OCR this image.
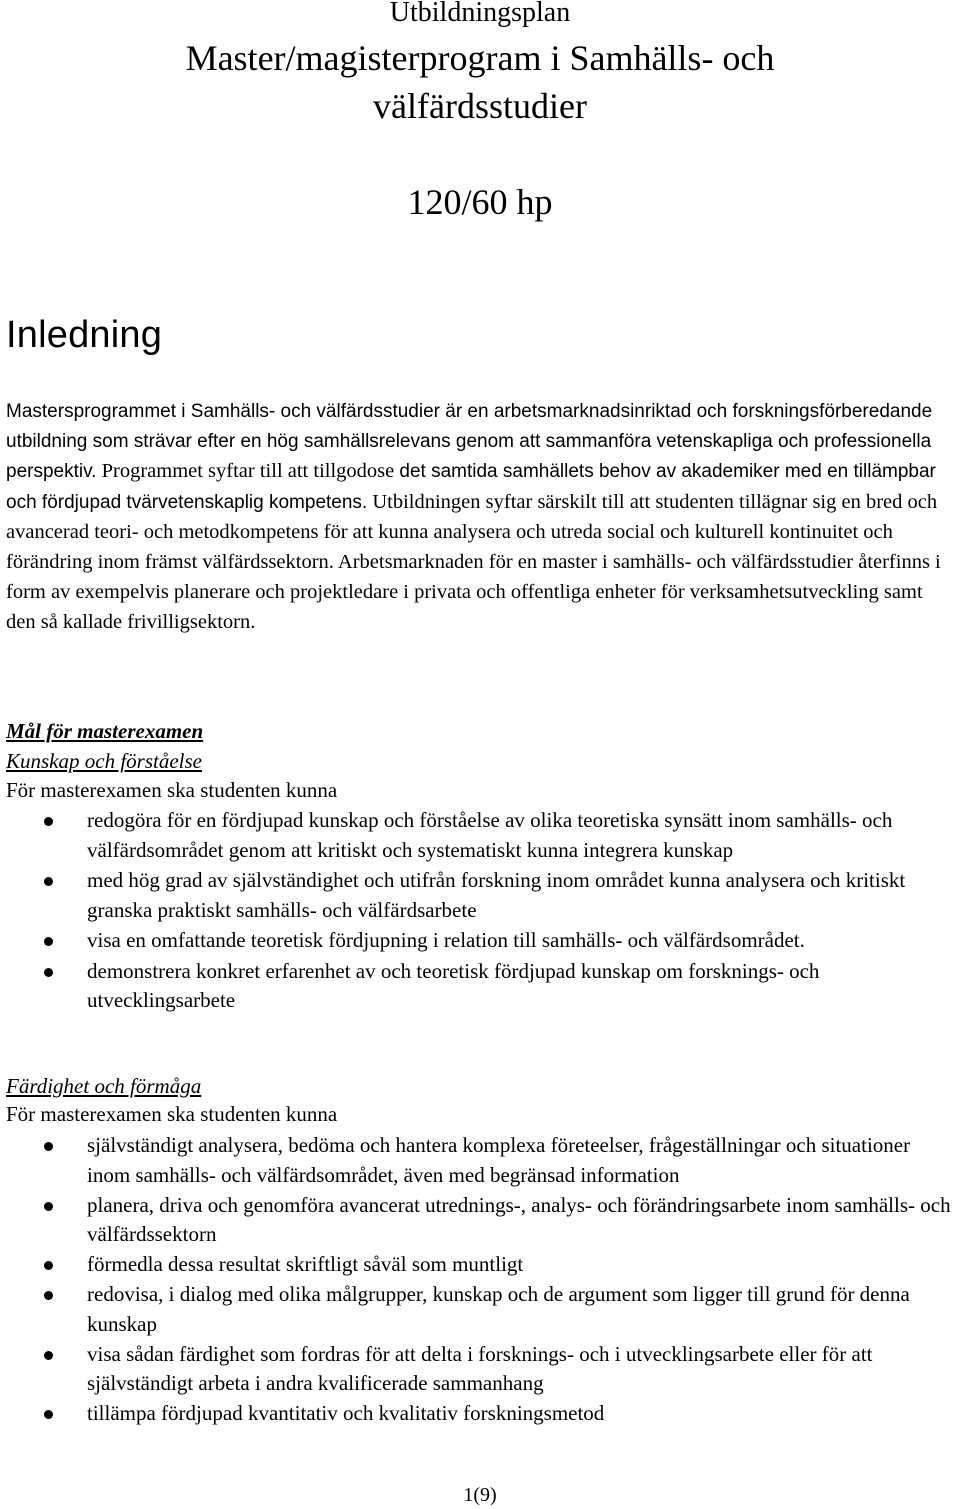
Utbildningsplan
Master/magisterprogram i Samhälls- och
välfärdsstudier
120/60 hp
Inledning

Mastersprogrammet i Samhälls- och välfärdsstudier är en arbetsmarknadsinriktad och forskningsförberedande utbildning som strävar efter en hög samhällsrelevans genom att sammanföra vetenskapliga och professionella perspektiv. Programmet syftar till att tillgodose det samtida samhällets behov av akademiker med en tillämpbar och fördjupad tvärvetenskaplig kompetens. Utbildningen syftar särskilt till att studenten tillägnar sig en bred och avancerad teori- och metodkompetens för att kunna analysera och utreda social och kulturell kontinuitet och förändring inom främst välfärdssektorn. Arbetsmarknaden för en master i samhälls- och välfärdsstudier återfinns i form av exempelvis planerare och projektledare i privata och offentliga enheter för verksamhetsutveckling samt den så kallade frivilligsektorn.

Mål för masterexamen
Kunskap och förståelse
För masterexamen ska studenten kunna
redogöra för en fördjupad kunskap och förståelse av olika teoretiska synsätt inom samhälls- och välfärdsområdet genom att kritiskt och systematiskt kunna integrera kunskap
med hög grad av självständighet och utifrån forskning inom området kunna analysera och kritiskt granska praktiskt samhälls- och välfärdsarbete
visa en omfattande teoretisk fördjupning i relation till samhälls- och välfärdsområdet.
demonstrera konkret erfarenhet av och teoretisk fördjupad kunskap om forsknings- och utvecklingsarbete
Färdighet och förmåga
För masterexamen ska studenten kunna
självständigt analysera, bedöma och hantera komplexa företeelser, frågeställningar och situationer inom samhälls- och välfärdsområdet, även med begränsad information
planera, driva och genomföra avancerat utrednings-, analys- och förändringsarbete inom samhälls- och välfärdssektorn
förmedla dessa resultat skriftligt såväl som muntligt
redovisa, i dialog med olika målgrupper, kunskap och de argument som ligger till grund för denna kunskap
visa sådan färdighet som fordras för att delta i forsknings- och i utvecklingsarbete eller för att självständigt arbeta i andra kvalificerade sammanhang
tillämpa fördjupad kvantitativ och kvalitativ forskningsmetod
1(9)
